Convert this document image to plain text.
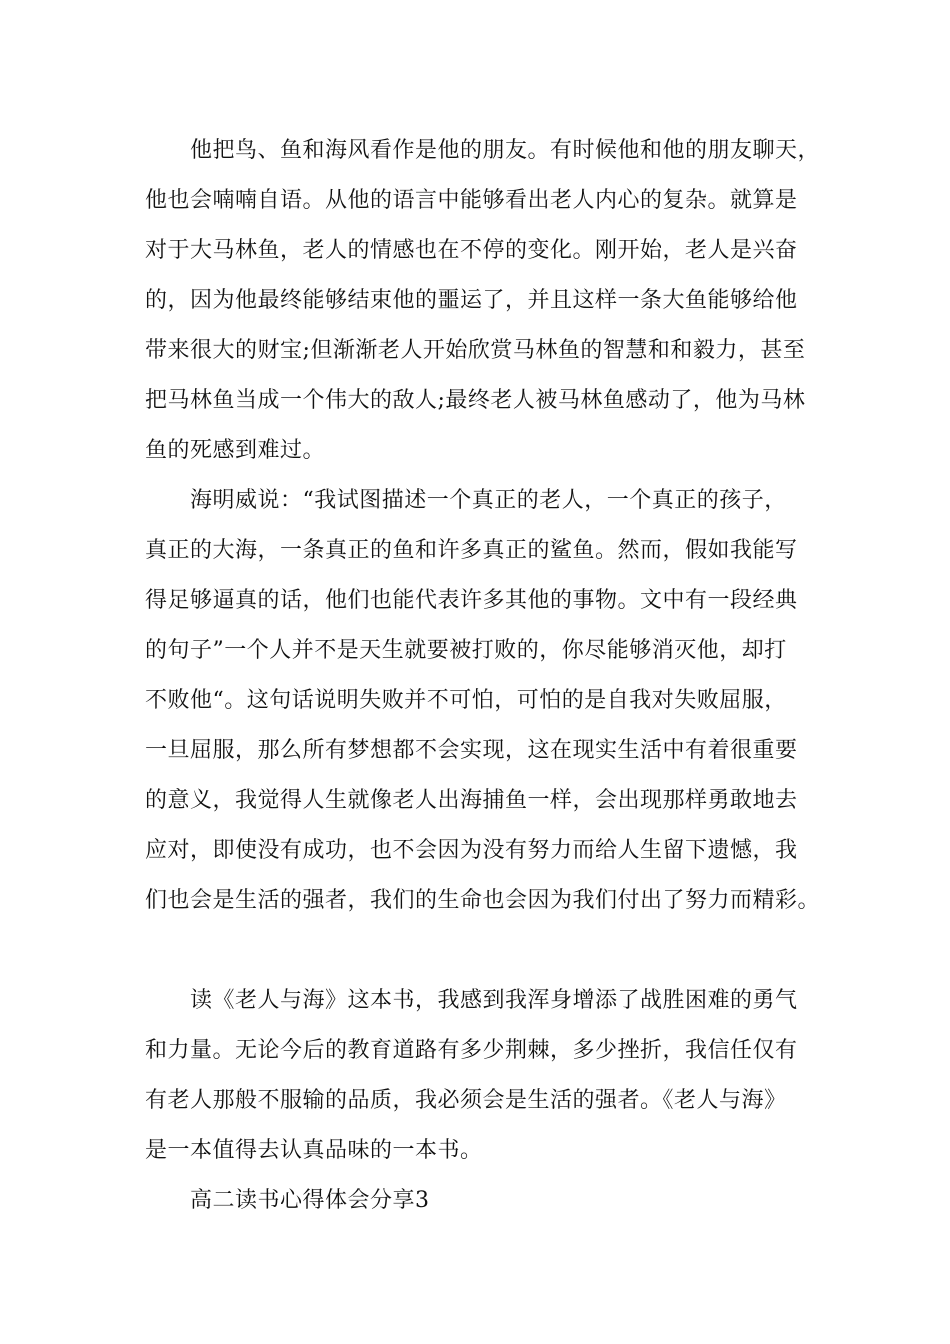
他把鸟、鱼和海风看作是他的朋友。有时候他和他的朋友聊天，
他也会喃喃自语。从他的语言中能够看出老人内心的复杂。就算是
对于大马林鱼，老人的情感也在不停的变化。刚开始，老人是兴奋
的，因为他最终能够结束他的噩运了，并且这样一条大鱼能够给他
带来很大的财宝;但渐渐老人开始欣赏马林鱼的智慧和和毅力，甚至
把马林鱼当成一个伟大的敌人;最终老人被马林鱼感动了，他为马林
鱼的死感到难过。
海明威说：“我试图描述一个真正的老人，一个真正的孩子，
真正的大海，一条真正的鱼和许多真正的鲨鱼。然而，假如我能写
得足够逼真的话，他们也能代表许多其他的事物。文中有一段经典
的句子”一个人并不是天生就要被打败的，你尽能够消灭他，却打
不败他“。这句话说明失败并不可怕，可怕的是自我对失败屈服，
一旦屈服，那么所有梦想都不会实现，这在现实生活中有着很重要
的意义，我觉得人生就像老人出海捕鱼一样，会出现那样勇敢地去
应对，即使没有成功，也不会因为没有努力而给人生留下遗憾，我
们也会是生活的强者，我们的生命也会因为我们付出了努力而精彩。
读《老人与海》这本书，我感到我浑身增添了战胜困难的勇气
和力量。无论今后的教育道路有多少荆棘，多少挫折，我信任仅有
有老人那般不服输的品质，我必须会是生活的强者。《老人与海》
是一本值得去认真品味的一本书。
高二读书心得体会分享3
